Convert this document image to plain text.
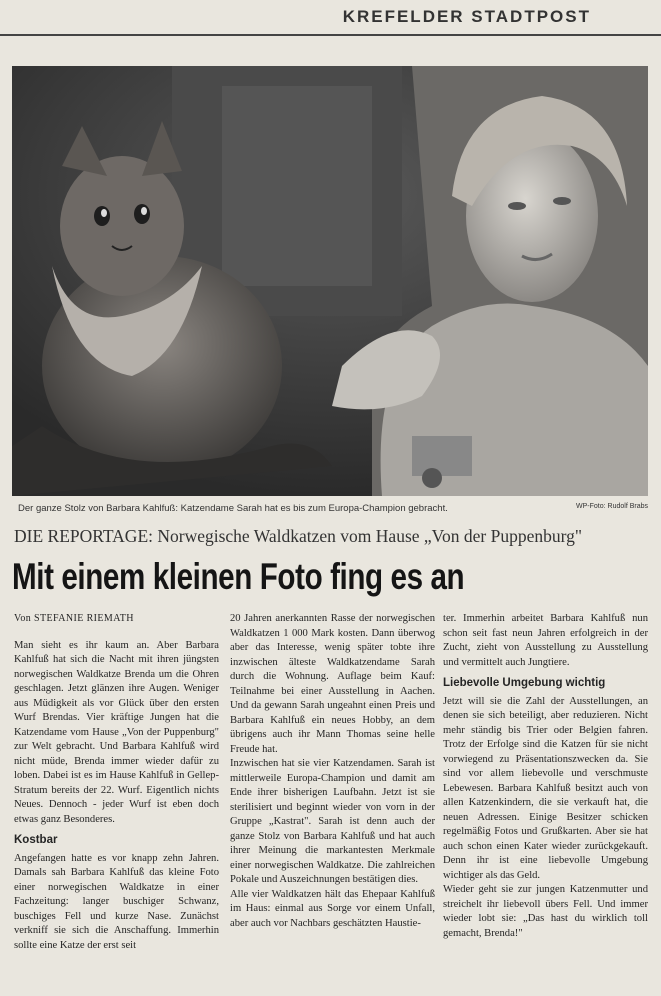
KREFELDER STADTPOST
Der ganze Stolz von Barbara Kahlfuß: Katzendame Sarah hat es bis zum Europa-Champion gebracht.	WP-Foto: Rudolf Brabs
DIE REPORTAGE: Norwegische Waldkatzen vom Hause „Von der Puppenburg"
Mit einem kleinen Foto fing es an
Von STEFANIE RIEMATH

Man sieht es ihr kaum an. Aber Barbara Kahlfuß hat sich die Nacht mit ihren jüngsten norwegischen Waldkatze Brenda um die Ohren geschlagen. Jetzt glänzen ihre Augen. Weniger aus Müdigkeit als vor Glück über den ersten Wurf Brendas. Vier kräftige Jungen hat die Katzendame vom Hause „Von der Puppenburg" zur Welt gebracht. Und Barbara Kahlfuß wird nicht müde, Brenda immer wieder dafür zu loben. Dabei ist es im Hause Kahlfuß in Gellep-Stratum bereits der 22. Wurf. Eigentlich nichts Neues. Dennoch - jeder Wurf ist eben doch etwas ganz Besonderes.

Kostbar

Angefangen hatte es vor knapp zehn Jahren. Damals sah Barbara Kahlfuß das kleine Foto einer norwegischen Waldkatze in einer Fachzeitung: langer buschiger Schwanz, buschiges Fell und kurze Nase. Zunächst verkniff sie sich die Anschaffung. Immerhin sollte eine Katze der erst seit

20 Jahren anerkannten Rasse der norwegischen Waldkatzen 1 000 Mark kosten. Dann überwog aber das Interesse, wenig später tobte ihre inzwischen älteste Waldkatzendame Sarah durch die Wohnung. Auflage beim Kauf: Teilnahme bei einer Ausstellung in Aachen. Und da gewann Sarah ungeahnt einen Preis und Barbara Kahlfuß ein neues Hobby, an dem übrigens auch ihr Mann Thomas seine helle Freude hat.

Inzwischen hat sie vier Katzendamen. Sarah ist mittlerweile Europa-Champion und damit am Ende ihrer bisherigen Laufbahn. Jetzt ist sie sterilisiert und beginnt wieder von vorn in der Gruppe „Kastrat". Sarah ist denn auch der ganze Stolz von Barbara Kahlfuß und hat auch ihrer Meinung die markantesten Merkmale einer norwegischen Waldkatze. Die zahlreichen Pokale und Auszeichnungen bestätigen dies.

Alle vier Waldkatzen hält das Ehepaar Kahlfuß im Haus: einmal aus Sorge vor einem Unfall, aber auch vor Nachbars geschätzten Haustie-

ter. Immerhin arbeitet Barbara Kahlfuß nun schon seit fast neun Jahren erfolgreich in der Zucht, zieht von Ausstellung zu Ausstellung und vermittelt auch Jungtiere.

Liebevolle Umgebung wichtig

Jetzt will sie die Zahl der Ausstellungen, an denen sie sich beteiligt, aber reduzieren. Nicht mehr ständig bis Trier oder Belgien fahren. Trotz der Erfolge sind die Katzen für sie nicht vorwiegend zu Präsentationszwecken da. Sie sind vor allem liebevolle und verschmuste Lebewesen. Barbara Kahlfuß besitzt auch von allen Katzenkindern, die sie verkauft hat, die neuen Adressen. Einige Besitzer schicken regelmäßig Fotos und Grußkarten. Aber sie hat auch schon einen Kater wieder zurückgekauft. Denn ihr ist eine liebevolle Umgebung wichtiger als das Geld.

Wieder geht sie zur jungen Katzenmutter und streichelt ihr liebevoll übers Fell. Und immer wieder lobt sie: „Das hast du wirklich toll gemacht, Brenda!"
